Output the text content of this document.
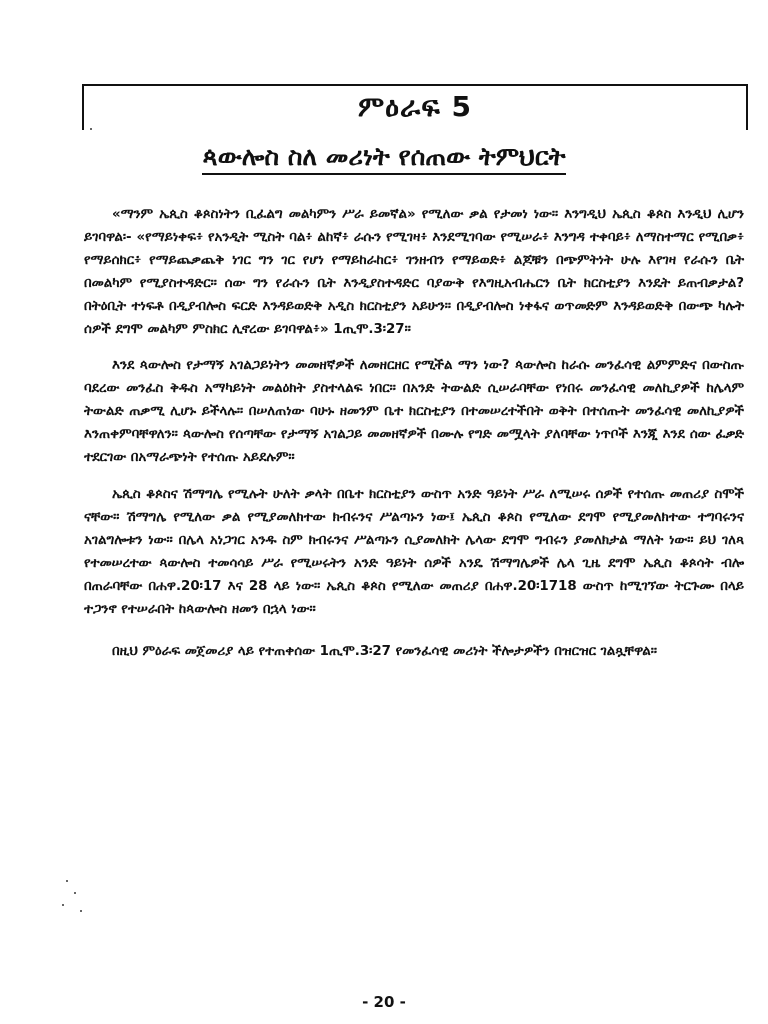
ምዕራፍ 5
ጳውሎስ ስለ መሪነት የሰጠው ትምህርት

«ማንም ኤጲስ ቆጶስነትን ቢፈልግ መልካምን ሥራ ይመኛል» የሚለው ቃል የታመነ ነው። እንግዲህ ኤጲስ ቆጶስ እንዲህ ሊሆን ይገባዋል፡- «የማይነቀፍ፥ የአንዲት ሚስት ባል፥ ልከኛ፥ ራሱን የሚገዛ፥ እንደሚገባው የሚሠራ፥ እንግዳ ተቀባይ፥ ለማስተማር የሚበቃ፥ የማይሰክር፥ የማይጨቃጨቅ ነገር ግን ገር የሆነ የማይከራከር፥ ገንዘብን የማይወድ፥ ልጆቹን በጭምትነት ሁሉ እየገዛ የራሱን ቤት በመልካም የሚያስተዳድር። ሰው ግን የራሱን ቤት እንዲያስተዳድር ባያውቅ የእግዚአብሔርን ቤት ክርስቲያን እንዴት ይጠብቃታል? በትዕቢት ተነፍቶ በዲያብሎስ ፍርድ እንዳይወድቅ አዲስ ክርስቲያን አይሁን። በዲያብሎስ ነቀፋና ወጥመድም እንዳይወድቅ በውጭ ካሉት ሰዎች ደግሞ መልካም ምስክር ሊኖረው ይገባዋል፥» 1ጢሞ.3፡27።

እንደ ጳውሎስ የታማኝ አገልጋይነትን መመዘኛዎች ለመዘርዘር የሚችል ማን ነው? ጳውሎስ ከራሱ መንፈሳዊ ልምምድና በውስጡ ባደረው መንፈስ ቅዱስ አማካይነት መልዕክት ያስተላልፍ ነበር። በአንድ ትውልድ ሲሠራባቸው የነበሩ መንፈሳዊ መለኪያዎች ከሌላም ትውልድ ጠቃሚ ሊሆኑ ይችላሉ። በሠለጠነው ባሁኑ ዘመንም ቤተ ክርስቲያን በተመሠረተችበት ወቅት በተሰጡት መንፈሳዊ መለኪያዎች እንጠቀምባቸዋለን። ጳውሎስ የሰጣቸው የታማኝ አገልጋይ መመዘኛዎች በሙሉ የግድ መሟላት ያለባቸው ነጥቦች እንጂ እንደ ሰው ፈቃድ ተደርገው በአማራጭነት የተሰጡ አይደሉም።

ኤጲስ ቆጶስና ሽማግሌ የሚሉት ሁለት ቃላት በቤተ ክርስቲያን ውስጥ አንድ ዓይነት ሥራ ለሚሠሩ ሰዎች የተሰጡ መጠሪያ ስሞች ናቸው። ሽማግሌ የሚለው ቃል የሚያመለክተው ክብሩንና ሥልጣኑን ነው፤ ኤጲስ ቆጶስ የሚለው ደግሞ የሚያመለክተው ተግባሩንና አገልግሎቱን ነው። በሌላ አነጋገር አንዱ ስም ክብሩንና ሥልጣኑን ሲያመለክት ሌላው ደግሞ ግብሩን ያመለክታል ማለት ነው። ይህ ገለጻ የተመሠረተው ጳውሎስ ተመሳሳይ ሥራ የሚሠሩትን አንድ ዓይነት ሰዎች አንዴ ሽማግሌዎች ሌላ ጊዜ ደግሞ ኤጲስ ቆጶሳት ብሎ በጠራባቸው በሐዋ.20፡17 እና 28 ላይ ነው። ኤጲስ ቆጶስ የሚለው መጠሪያ በሐዋ.20፡1718 ውስጥ ከሚገኘው ትርጉሙ በላይ ተጋንኖ የተሠራበት ከጳውሎስ ዘመን በኋላ ነው።

በዚህ ምዕራፍ መጀመሪያ ላይ የተጠቀሰው 1ጢሞ.3፡27 የመንፈሳዊ መሪነት ችሎታዎችን በዝርዝር ገልጿቸዋል።

- 20 -
